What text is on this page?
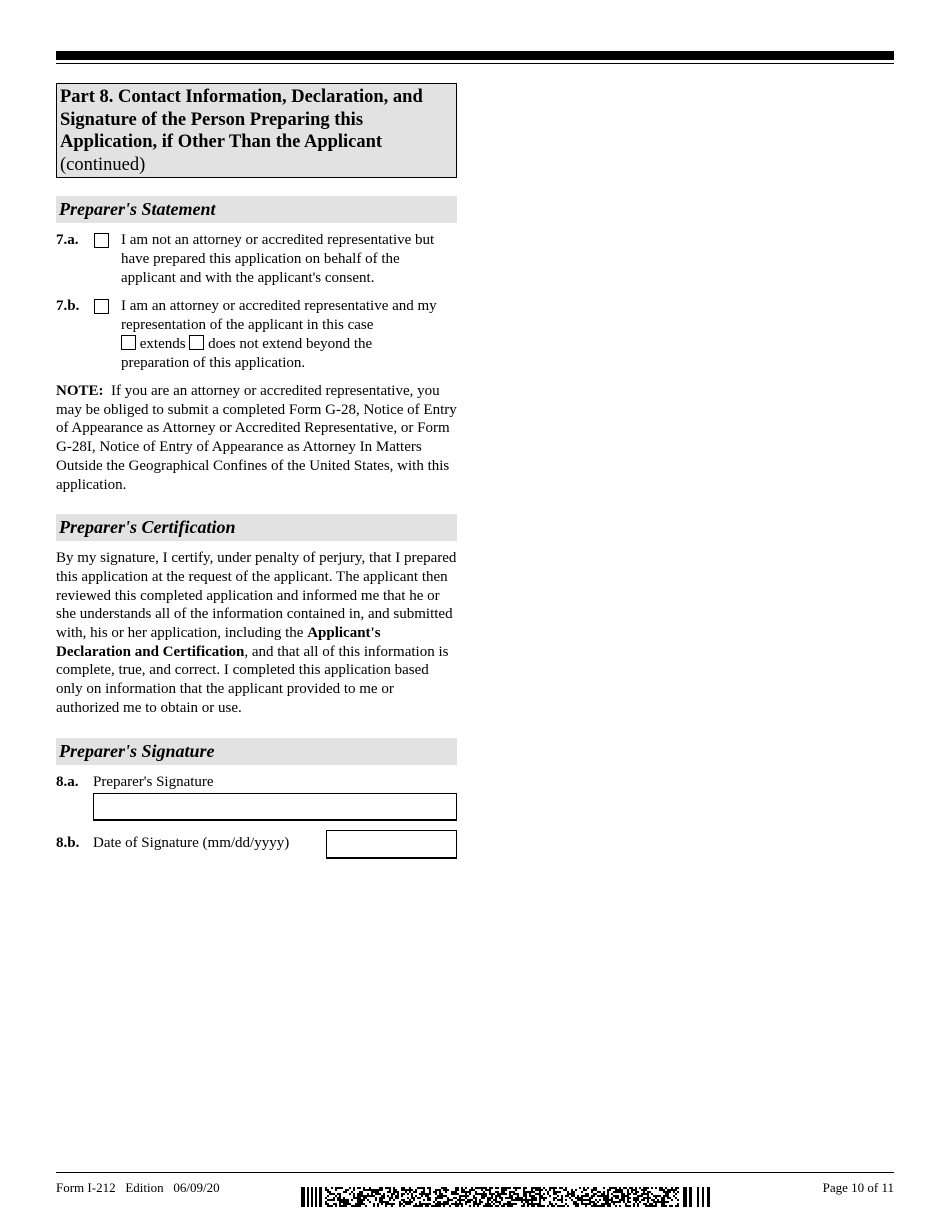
Part 8. Contact Information, Declaration, and Signature of the Person Preparing this Application, if Other Than the Applicant
(continued)
Preparer's Statement
7.a.	I am not an attorney or accredited representative but have prepared this application on behalf of the applicant and with the applicant's consent.
7.b.	I am an attorney or accredited representative and my representation of the applicant in this case
extends does not extend beyond the
preparation of this application.
NOTE: If you are an attorney or accredited representative, you may be obliged to submit a completed Form G-28, Notice of Entry of Appearance as Attorney or Accredited Representative, or Form G-28I, Notice of Entry of Appearance as Attorney In Matters Outside the Geographical Confines of the United States, with this application.
Preparer's Certification
By my signature, I certify, under penalty of perjury, that I prepared this application at the request of the applicant. The applicant then reviewed this completed application and informed me that he or she understands all of the information contained in, and submitted with, his or her application, including the Applicant's Declaration and Certification, and that all of this information is complete, true, and correct. I completed this application based only on information that the applicant provided to me or authorized me to obtain or use.
Preparer's Signature
8.a. Preparer's Signature
8.b. Date of Signature (mm/dd/yyyy)
Form I-212   Edition   06/09/20	Page 10 of 11
